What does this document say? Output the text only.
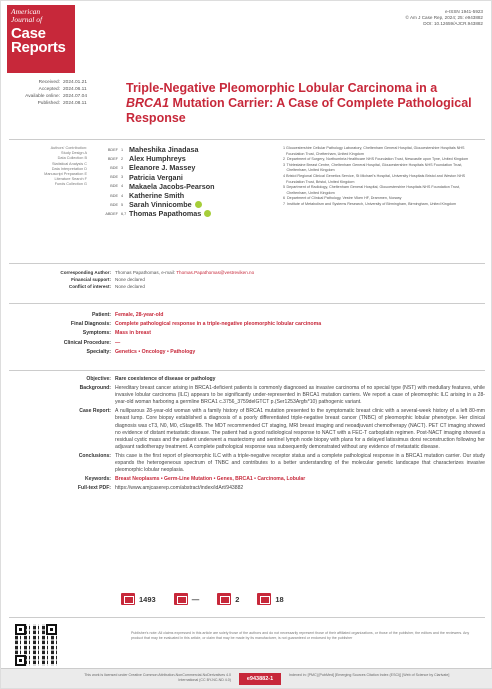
American
Journal of
Case
Reports
e-ISSN 1941-5923
© Am J Case Rep, 2024; 25: e943882
DOI: 10.12659/AJCR.943882
Received: 2024.01.21
Accepted: 2024.06.11
Available online: 2024.07.04
Published: 2024.08.11
Triple-Negative Pleomorphic Lobular Carcinoma in a BRCA1 Mutation Carrier: A Case of Complete Pathological Response
Authors' Contribution:
Study Design A
Data Collection B
Statistical Analysis C
Data Interpretation D
Manuscript Preparation E
Literature Search F
Funds Collection G
BDEF 1 Maheshika Jinadasa
BDEF 2 Alex Humphreys
BDE 3 Eleanore J. Massey
BDE 3 Patricia Vergani
BDE 4 Makaela Jacobs-Pearson
BDE 4 Katherine Smith
BDE 5 Sarah Vinnicombe
ABDEF 6,7 Thomas Papathomas
1 Gloucestershire Cellular Pathology Laboratory, Cheltenham General Hospital, Gloucestershire Hospitals NHS Foundation Trust, Cheltenham, United Kingdom
2 Department of Surgery, Northumbria Healthcare NHS Foundation Trust, Newcastle upon Tyne, United Kingdom
3 Thirlestaine Breast Centre, Cheltenham General Hospital, Gloucestershire Hospitals NHS Foundation Trust, Cheltenham, United Kingdom
4 Bristol Regional Clinical Genetics Service, St Michael's Hospital, University Hospitals Bristol and Weston NHS Foundation Trust, Bristol, United Kingdom
5 Department of Radiology, Cheltenham General Hospital, Gloucestershire Hospitals NHS Foundation Trust, Cheltenham, United Kingdom
6 Department of Clinical Pathology, Vestre Viken HF, Drammen, Norway
7 Institute of Metabolism and Systems Research, University of Birmingham, Birmingham, United Kingdom
Corresponding Author: Thomas Papathomas, e-mail: Thomas.Papathomas@vestreviken.no
Financial support: None declared
Conflict of interest: None declared
Patient: Female, 28-year-old
Final Diagnosis: Complete pathological response in a triple-negative pleomorphic lobular carcinoma
Symptoms: Mass in breast
Clinical Procedure: —
Specialty: Genetics • Oncology • Pathology
Objective: Rare coexistence of disease or pathology
Background: Hereditary breast cancer arising in BRCA1-deficient patients is commonly diagnosed as invasive carcinoma of no special type (NST) with medullary features, while invasive lobular carcinoma (ILC) appears to be significantly under-represented in BRCA1 mutation carriers. We report a case of pleomorphic ILC arising in a 28-year-old woman harboring a germline BRCA1 c.3756_3759delGTCT p.(Ser1253Argfs*10) pathogenic variant.
Case Report: A nulliparous 28-year-old woman with a family history of BRCA1 mutation presented to the symptomatic breast clinic with a several-week history of a left 80-mm breast lump. Core biopsy established a diagnosis of a poorly differentiated triple-negative breast cancer (TNBC) of pleomorphic lobular phenotype. Her clinical diagnosis was cT3, N0, M0, cStageIIB. The MDT recommended CT staging, MRI breast imaging and neoadjuvant chemotherapy (NACT). PET CT imaging showed no evidence of distant metastatic disease. The patient had a good radiological response to NACT with a FEC-T carboplatin regimen. Post-NACT imaging showed a residual cystic mass and the patient underwent a mastectomy and sentinel lymph node biopsy with plans for a delayed latissimus dorsi reconstruction following her adjuvant radiotherapy treatment. A complete pathological response was subsequently demonstrated without any evidence of metastatic disease.
Conclusions: This case is the first report of pleomorphic ILC with a triple-negative receptor status and a complete pathological response in a BRCA1 mutation carrier. Our study expands the heterogeneous spectrum of TNBC and contributes to a better understanding of the molecular genetic landscape that characterizes invasive pleomorphic lobular neoplasia.
Keywords: Breast Neoplasms • Germ-Line Mutation • Genes, BRCA1 • Carcinoma, Lobular
Full-text PDF: https://www.amjcaserep.com/abstract/index/idArt/943882
1493	—	2	18
Publisher's note: All claims expressed in this article are solely those of the authors and do not necessarily represent those of their affiliated organizations, or those of the publisher, the editors and the reviewers. Any product that may be evaluated in this article, or claim that may be made by its manufacturer, is not guaranteed or endorsed by the publisher
This work is licensed under Creative Common Attribution-NonCommercial-NoDerivatives 4.0 International (CC BY-NC-ND 4.0)	e943882-1
Indexed in: [PMC] [PubMed] [Emerging Sources Citation Index (ESCI)] [Web of Science by Clarivate]
